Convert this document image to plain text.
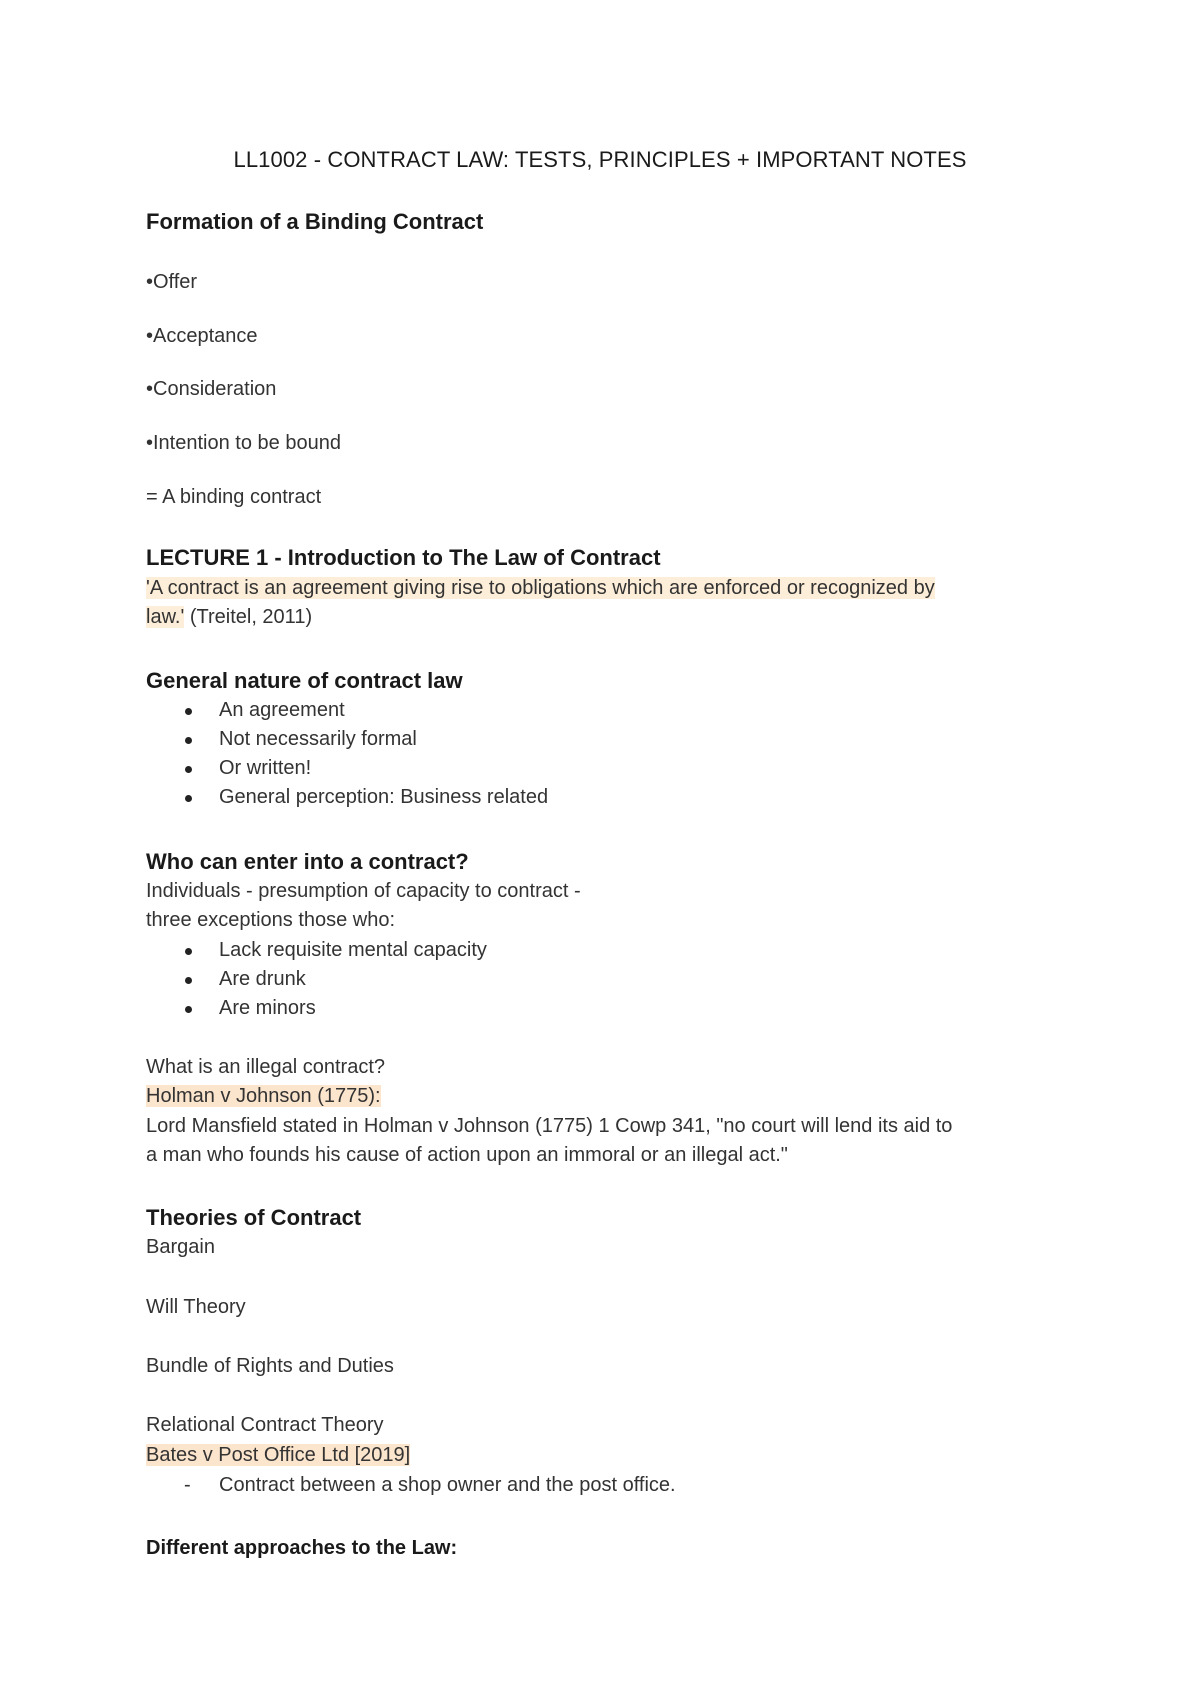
LL1002 - CONTRACT LAW: TESTS, PRINCIPLES + IMPORTANT NOTES
Formation of a Binding Contract
•Offer
•Acceptance
•Consideration
•Intention to be bound
= A binding contract
LECTURE 1 - Introduction to The Law of Contract
'A contract is an agreement giving rise to obligations which are enforced or recognized by
law.' (Treitel, 2011)
General nature of contract law
An agreement
Not necessarily formal
Or written!
General perception: Business related
Who can enter into a contract?
Individuals - presumption of capacity to contract -
three exceptions those who:
Lack requisite mental capacity
Are drunk
Are minors
What is an illegal contract?
Holman v Johnson (1775):
Lord Mansfield stated in Holman v Johnson (1775) 1 Cowp 341, "no court will lend its aid to
a man who founds his cause of action upon an immoral or an illegal act."
Theories of Contract
Bargain
Will Theory
Bundle of Rights and Duties
Relational Contract Theory
Bates v Post Office Ltd [2019]
- Contract between a shop owner and the post office.
Different approaches to the Law:
